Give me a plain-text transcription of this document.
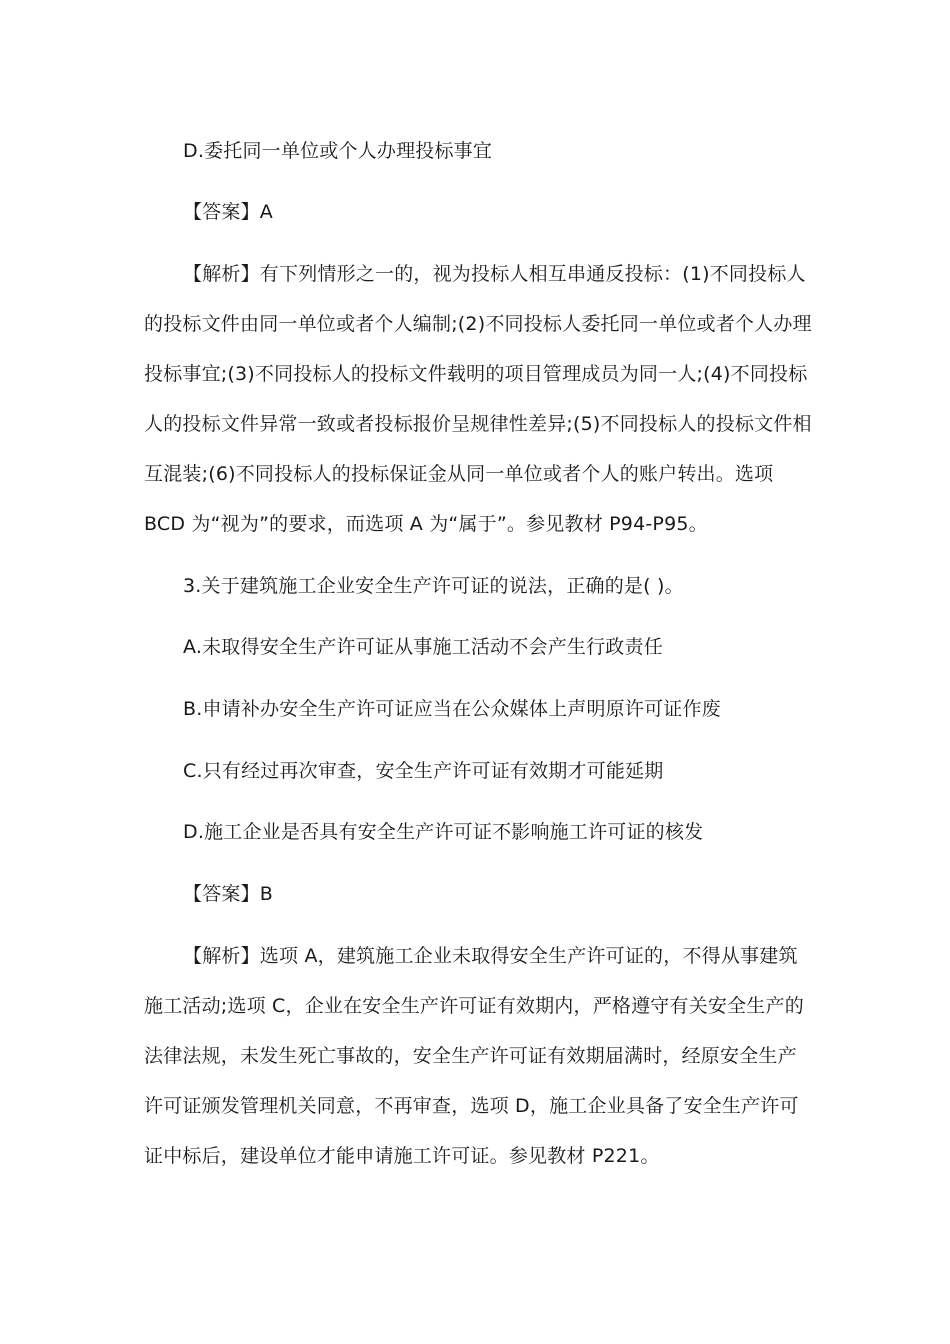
D.委托同一单位或个人办理投标事宜
【答案】A
【解析】有下列情形之一的，视为投标人相互串通反投标：(1)不同投标人
的投标文件由同一单位或者个人编制;(2)不同投标人委托同一单位或者个人办理
投标事宜;(3)不同投标人的投标文件载明的项目管理成员为同一人;(4)不同投标
人的投标文件异常一致或者投标报价呈规律性差异;(5)不同投标人的投标文件相
互混装;(6)不同投标人的投标保证金从同一单位或者个人的账户转出。选项
BCD 为“视为”的要求，而选项 A 为“属于”。参见教材 P94-P95。
3.关于建筑施工企业安全生产许可证的说法，正确的是( )。
A.未取得安全生产许可证从事施工活动不会产生行政责任
B.申请补办安全生产许可证应当在公众媒体上声明原许可证作废
C.只有经过再次审查，安全生产许可证有效期才可能延期
D.施工企业是否具有安全生产许可证不影响施工许可证的核发
【答案】B
【解析】选项 A，建筑施工企业未取得安全生产许可证的，不得从事建筑
施工活动;选项 C，企业在安全生产许可证有效期内，严格遵守有关安全生产的
法律法规，未发生死亡事故的，安全生产许可证有效期届满时，经原安全生产
许可证颁发管理机关同意，不再审查，选项 D，施工企业具备了安全生产许可
证中标后，建设单位才能申请施工许可证。参见教材 P221。
